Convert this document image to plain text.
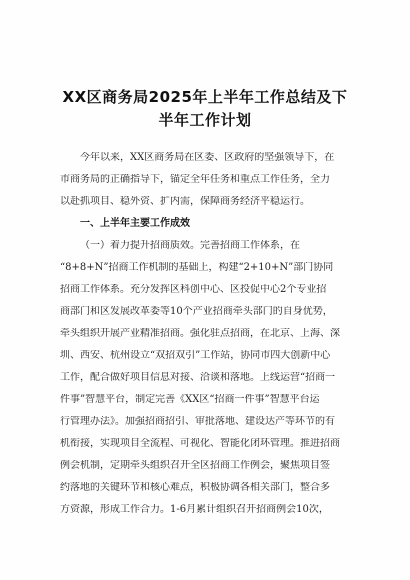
XX区商务局2025年上半年工作总结及下
半年工作计划
今年以来，XX区商务局在区委、区政府的坚强领导下，在
市商务局的正确指导下，锚定全年任务和重点工作任务，全力
以赴抓项目、稳外资、扩内需，保障商务经济平稳运行。
一、上半年主要工作成效
（一）着力提升招商质效。完善招商工作体系，在
“8+8+N”招商工作机制的基础上，构建“2+10+N”部门协同
招商工作体系。充分发挥区科创中心、区投促中心2个专业招
商部门和区发展改革委等10个产业招商牵头部门的自身优势，
牵头组织开展产业精准招商。强化驻点招商，在北京、上海、深
圳、西安、杭州设立“双招双引”工作站，协同市四大创新中心
工作，配合做好项目信息对接、洽谈和落地。上线运营“招商一
件事”智慧平台，制定完善《XX区“招商一件事”智慧平台运
行管理办法》。加强招商招引、审批落地、建设达产等环节的有
机衔接，实现项目全流程、可视化、智能化闭环管理。推进招商
例会机制，定期牵头组织召开全区招商工作例会，聚焦项目签
约落地的关键环节和核心难点，积极协调各相关部门，整合多
方资源，形成工作合力。1-6月累计组织召开招商例会10次，
